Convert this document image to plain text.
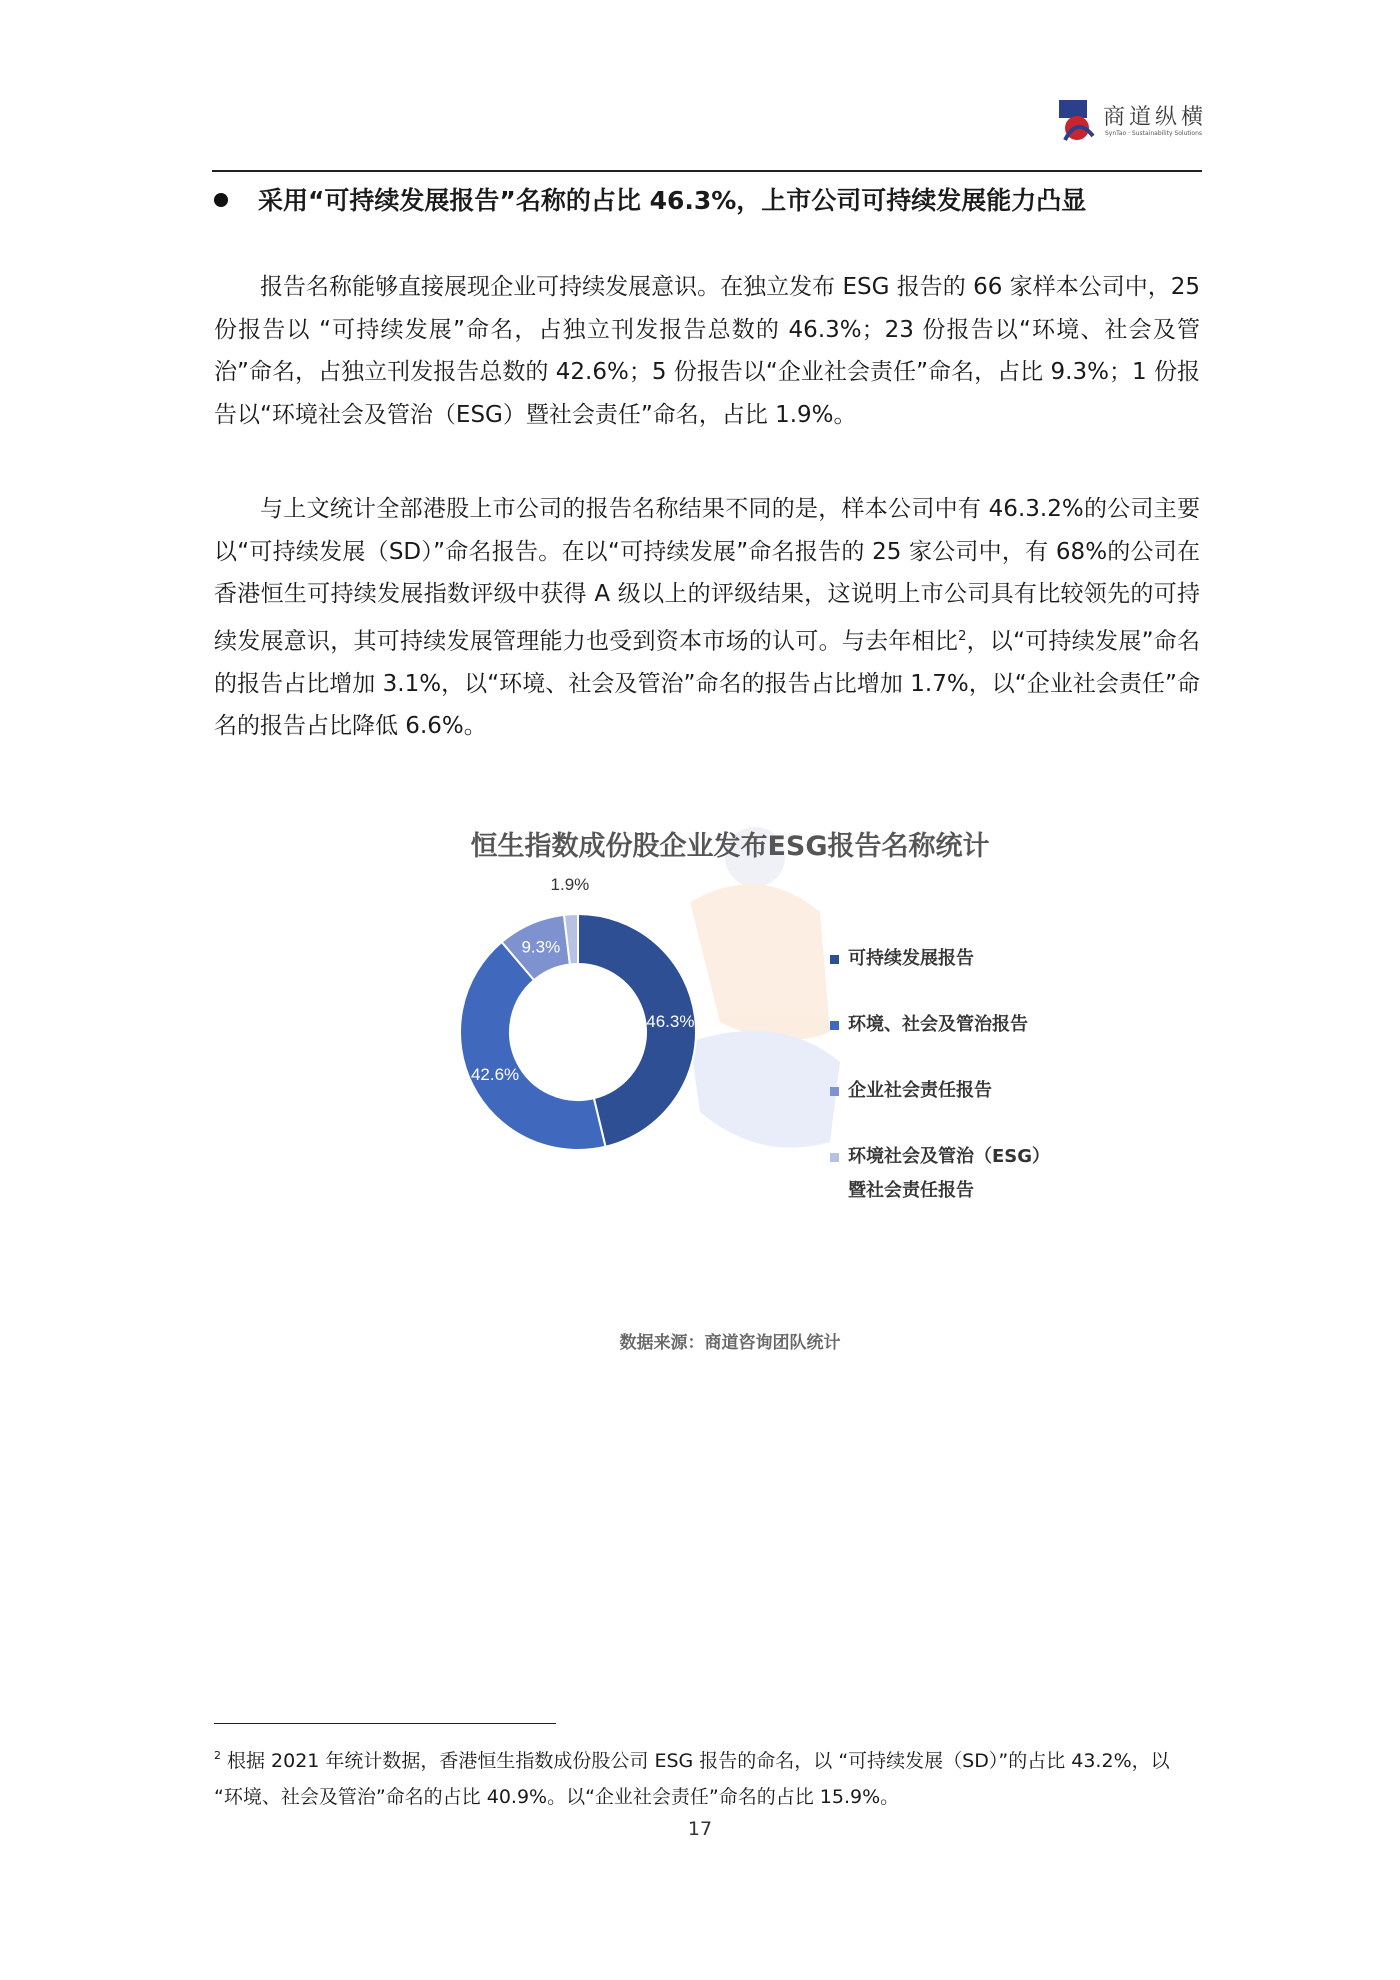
商道纵横
SynTao · Sustainability Solutions
采用“可持续发展报告”名称的占比 46.3%，上市公司可持续发展能力凸显

报告名称能够直接展现企业可持续发展意识。在独立发布 ESG 报告的 66 家样本公司中，25 份报告以 “可持续发展”命名，占独立刊发报告总数的 46.3%；23 份报告以“环境、社会及管治”命名，占独立刊发报告总数的 42.6%；5 份报告以“企业社会责任”命名，占比 9.3%；1 份报告以“环境社会及管治（ESG）暨社会责任”命名，占比 1.9%。

与上文统计全部港股上市公司的报告名称结果不同的是，样本公司中有 46.3.2%的公司主要以“可持续发展（SD）”命名报告。在以“可持续发展”命名报告的 25 家公司中，有 68%的公司在香港恒生可持续发展指数评级中获得 A 级以上的评级结果，这说明上市公司具有比较领先的可持续发展意识，其可持续发展管理能力也受到资本市场的认可。与去年相比$^2$，以“可持续发展”命名的报告占比增加 3.1%，以“环境、社会及管治”命名的报告占比增加 1.7%，以“企业社会责任”命名的报告占比降低 6.6%。

46.3%
42.6%
9.3%
1.9%
恒生指数成份股企业发布ESG报告名称统计
可持续发展报告
环境、社会及管治报告
企业社会责任报告
环境社会及管治（ESG）
暨社会责任报告
数据来源：商道咨询团队统计

$^2$ 根据 2021 年统计数据，香港恒生指数成份股公司 ESG 报告的命名，以 “可持续发展（SD）”的占比 43.2%，以 “环境、社会及管治”命名的占比 40.9%。以“企业社会责任”命名的占比 15.9%。

17
